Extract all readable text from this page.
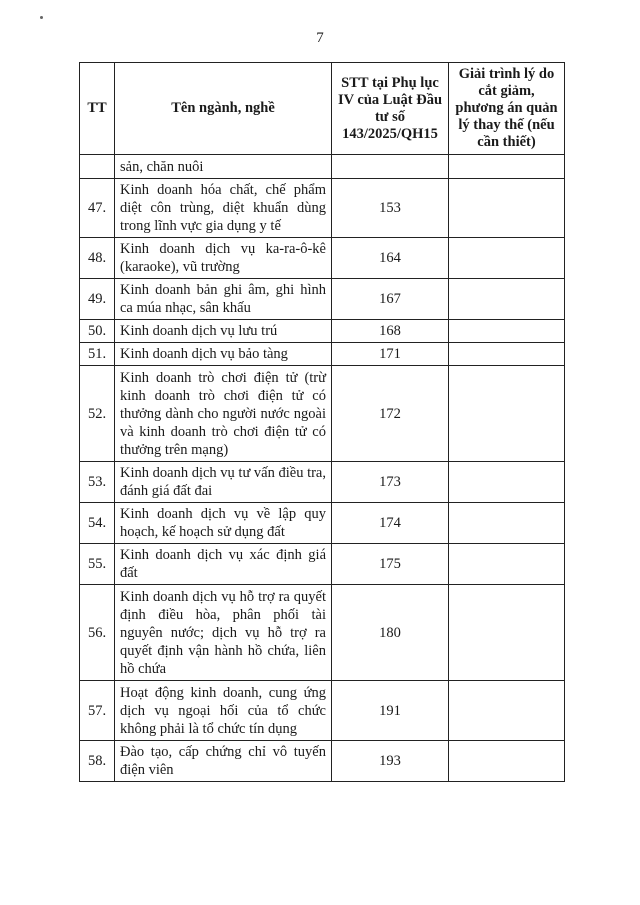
7
TT	Tên ngành, nghề	STT tại Phụ lục IV của Luật Đầu tư số 143/2025/QH15	Giải trình lý do cắt giảm, phương án quản lý thay thế (nếu cần thiết)
	sản, chăn nuôi		
47.	Kinh doanh hóa chất, chế phẩm diệt côn trùng, diệt khuẩn dùng trong lĩnh vực gia dụng y tế	153	
48.	Kinh doanh dịch vụ ka-ra-ô-kê (karaoke), vũ trường	164	
49.	Kinh doanh bản ghi âm, ghi hình ca múa nhạc, sân khấu	167	
50.	Kinh doanh dịch vụ lưu trú	168	
51.	Kinh doanh dịch vụ bảo tàng	171	
52.	Kinh doanh trò chơi điện tử (trừ kinh doanh trò chơi điện tử có thưởng dành cho người nước ngoài và kinh doanh trò chơi điện tử có thưởng trên mạng)	172	
53.	Kinh doanh dịch vụ tư vấn điều tra, đánh giá đất đai	173	
54.	Kinh doanh dịch vụ về lập quy hoạch, kế hoạch sử dụng đất	174	
55.	Kinh doanh dịch vụ xác định giá đất	175	
56.	Kinh doanh dịch vụ hỗ trợ ra quyết định điều hòa, phân phối tài nguyên nước; dịch vụ hỗ trợ ra quyết định vận hành hồ chứa, liên hồ chứa	180	
57.	Hoạt động kinh doanh, cung ứng dịch vụ ngoại hối của tổ chức không phải là tổ chức tín dụng	191	
58.	Đào tạo, cấp chứng chỉ vô tuyến điện viên	193	
